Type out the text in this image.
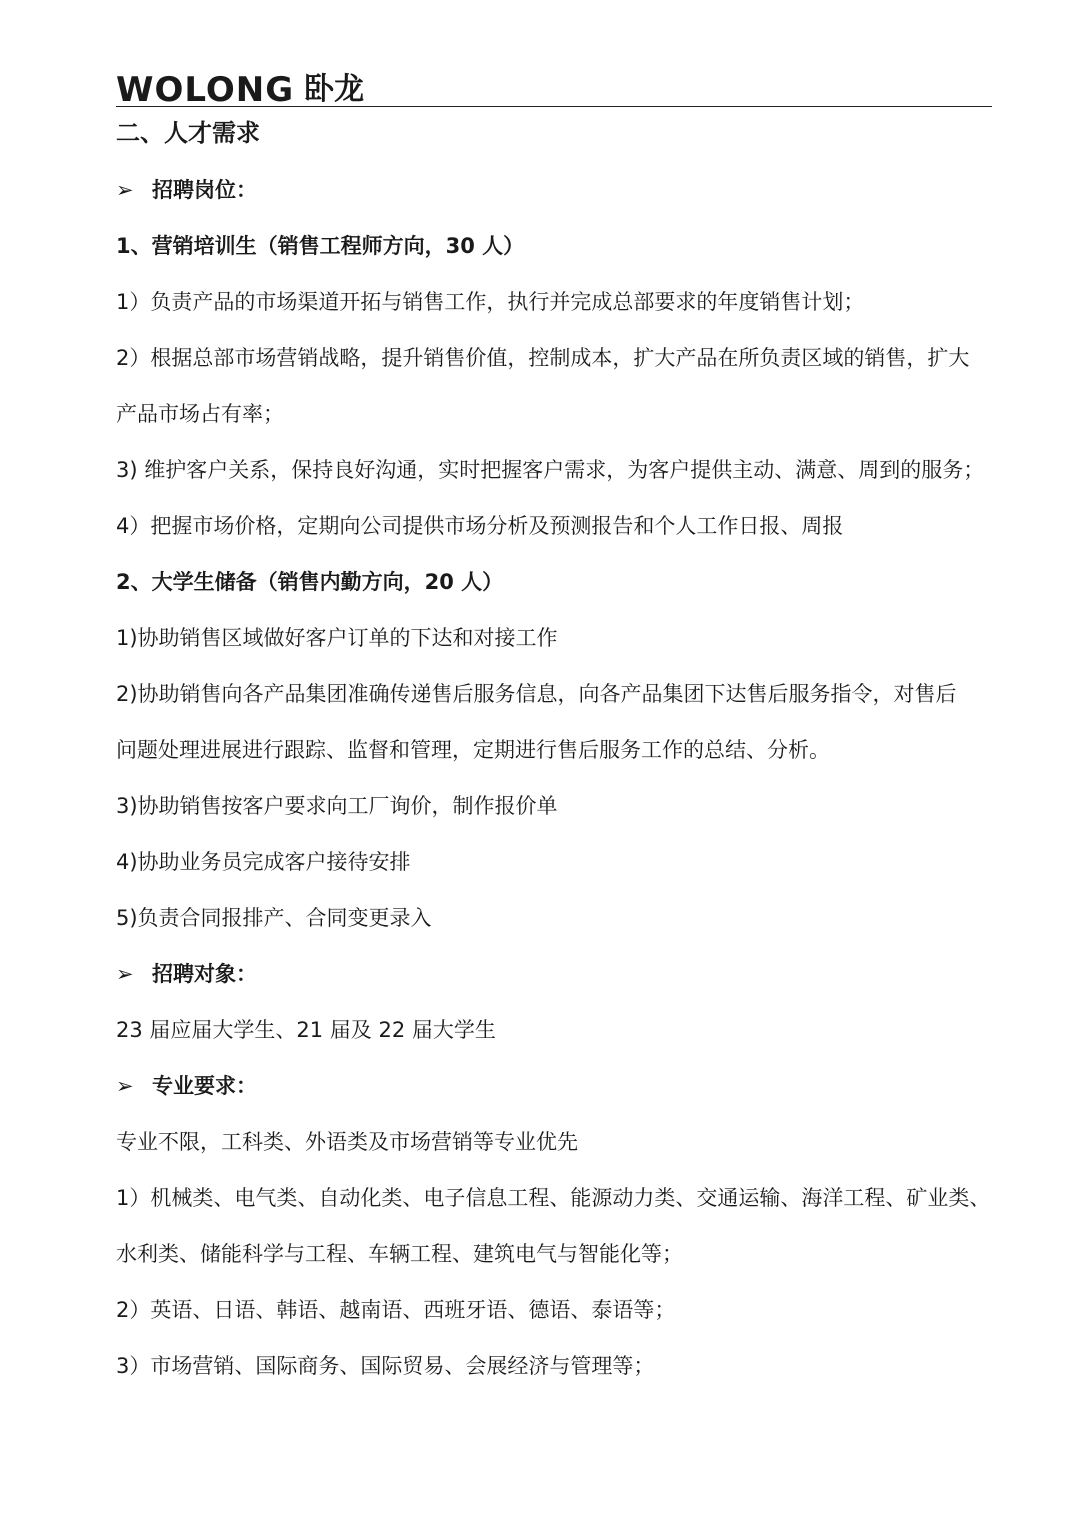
WOLONG 卧龙
二、人才需求
➢ 招聘岗位：
1、营销培训生（销售工程师方向，30 人）
1）负责产品的市场渠道开拓与销售工作，执行并完成总部要求的年度销售计划；
2）根据总部市场营销战略，提升销售价值，控制成本，扩大产品在所负责区域的销售，扩大
产品市场占有率；
3) 维护客户关系，保持良好沟通，实时把握客户需求，为客户提供主动、满意、周到的服务；
4）把握市场价格，定期向公司提供市场分析及预测报告和个人工作日报、周报
2、大学生储备（销售内勤方向，20 人）
1)协助销售区域做好客户订单的下达和对接工作
2)协助销售向各产品集团准确传递售后服务信息，向各产品集团下达售后服务指令，对售后
问题处理进展进行跟踪、监督和管理，定期进行售后服务工作的总结、分析。
3)协助销售按客户要求向工厂询价，制作报价单
4)协助业务员完成客户接待安排
5)负责合同报排产、合同变更录入
➢ 招聘对象：
23 届应届大学生、21 届及 22 届大学生
➢ 专业要求：
专业不限，工科类、外语类及市场营销等专业优先
1）机械类、电气类、自动化类、电子信息工程、能源动力类、交通运输、海洋工程、矿业类、
水利类、储能科学与工程、车辆工程、建筑电气与智能化等；
2）英语、日语、韩语、越南语、西班牙语、德语、泰语等；
3）市场营销、国际商务、国际贸易、会展经济与管理等；
